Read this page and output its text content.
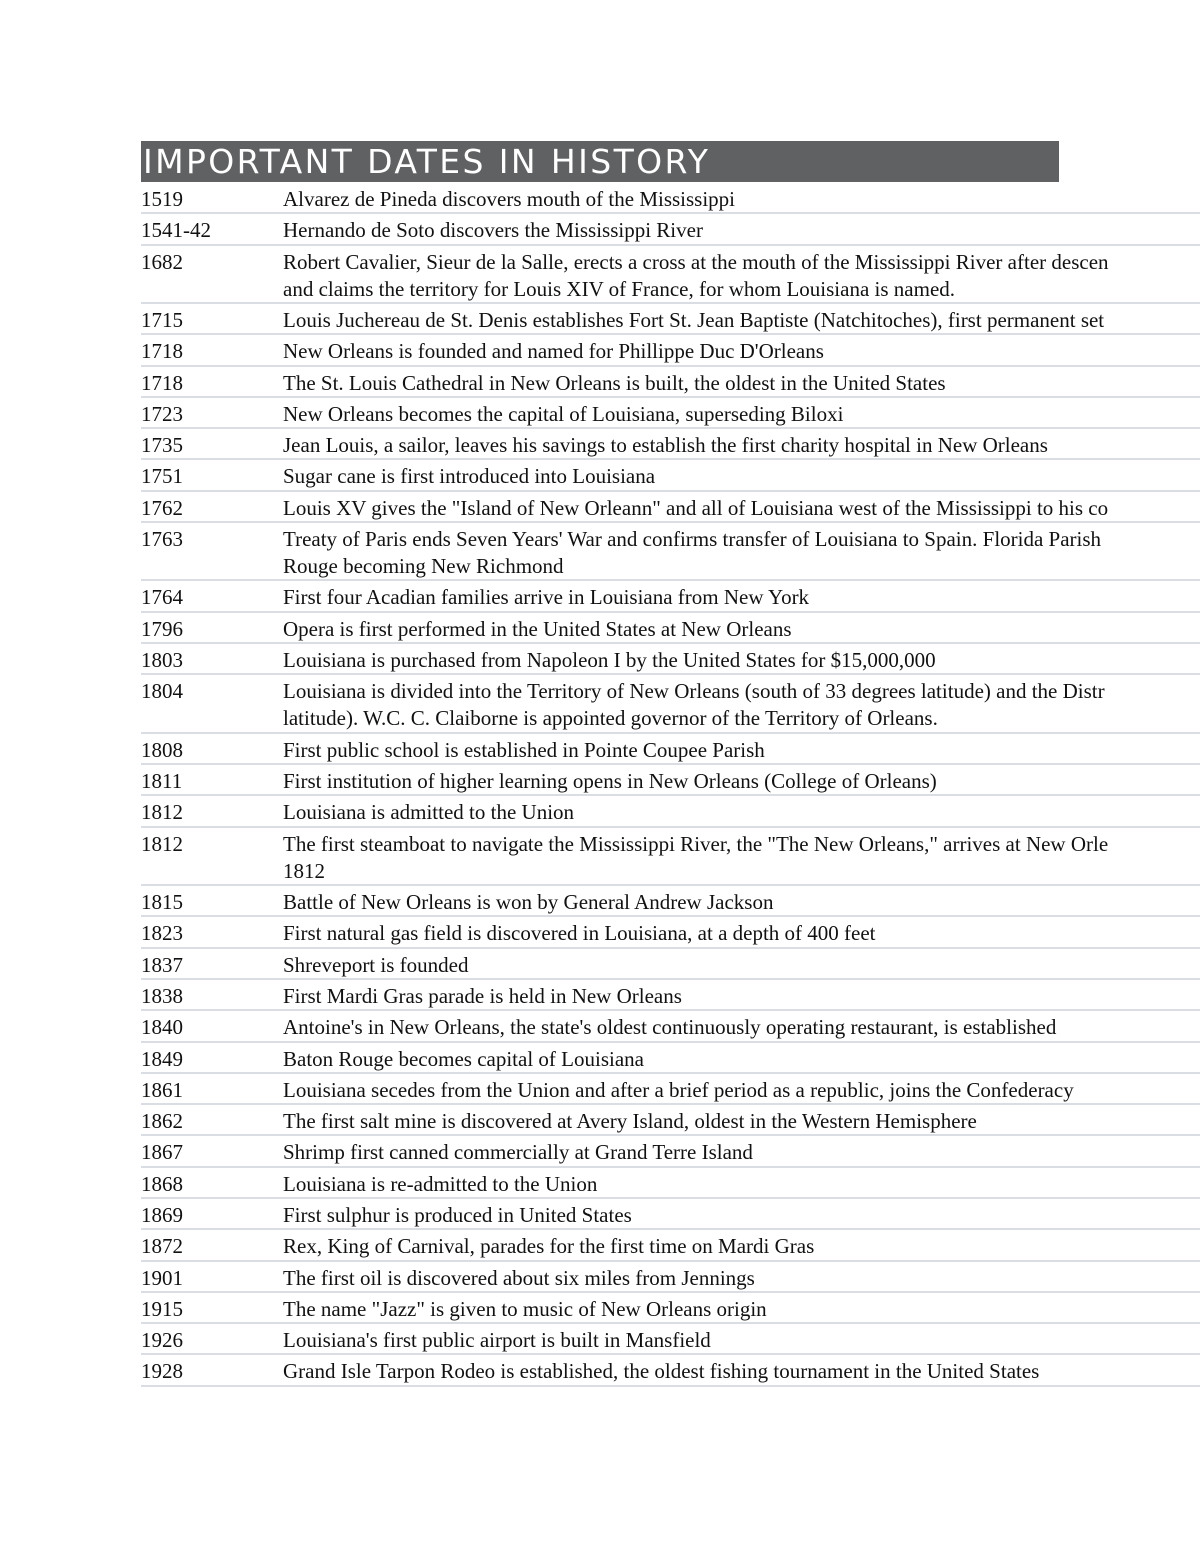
IMPORTANT DATES IN HISTORY
1519	Alvarez de Pineda discovers mouth of the Mississippi
1541-42	Hernando de Soto discovers the Mississippi River
1682	Robert Cavalier, Sieur de la Salle, erects a cross at the mouth of the Mississippi River after descen
and claims the territory for Louis XIV of France, for whom Louisiana is named.
1715	Louis Juchereau de St. Denis establishes Fort St. Jean Baptiste (Natchitoches), first permanent set
1718	New Orleans is founded and named for Phillippe Duc D'Orleans
1718	The St. Louis Cathedral in New Orleans is built, the oldest in the United States
1723	New Orleans becomes the capital of Louisiana, superseding Biloxi
1735	Jean Louis, a sailor, leaves his savings to establish the first charity hospital in New Orleans
1751	Sugar cane is first introduced into Louisiana
1762	Louis XV gives the "Island of New Orleann" and all of Louisiana west of the Mississippi to his co
1763	Treaty of Paris ends Seven Years' War and confirms transfer of Louisiana to Spain. Florida Parish
Rouge becoming New Richmond
1764	First four Acadian families arrive in Louisiana from New York
1796	Opera is first performed in the United States at New Orleans
1803	Louisiana is purchased from Napoleon I by the United States for $15,000,000
1804	Louisiana is divided into the Territory of New Orleans (south of 33 degrees latitude) and the Distr
latitude). W.C. C. Claiborne is appointed governor of the Territory of Orleans.
1808	First public school is established in Pointe Coupee Parish
1811	First institution of higher learning opens in New Orleans (College of Orleans)
1812	Louisiana is admitted to the Union
1812	The first steamboat to navigate the Mississippi River, the "The New Orleans," arrives at New Orle
1812
1815	Battle of New Orleans is won by General Andrew Jackson
1823	First natural gas field is discovered in Louisiana, at a depth of 400 feet
1837	Shreveport is founded
1838	First Mardi Gras parade is held in New Orleans
1840	Antoine's in New Orleans, the state's oldest continuously operating restaurant, is established
1849	Baton Rouge becomes capital of Louisiana
1861	Louisiana secedes from the Union and after a brief period as a republic, joins the Confederacy
1862	The first salt mine is discovered at Avery Island, oldest in the Western Hemisphere
1867	Shrimp first canned commercially at Grand Terre Island
1868	Louisiana is re-admitted to the Union
1869	First sulphur is produced in United States
1872	Rex, King of Carnival, parades for the first time on Mardi Gras
1901	The first oil is discovered about six miles from Jennings
1915	The name "Jazz" is given to music of New Orleans origin
1926	Louisiana's first public airport is built in Mansfield
1928	Grand Isle Tarpon Rodeo is established, the oldest fishing tournament in the United States
